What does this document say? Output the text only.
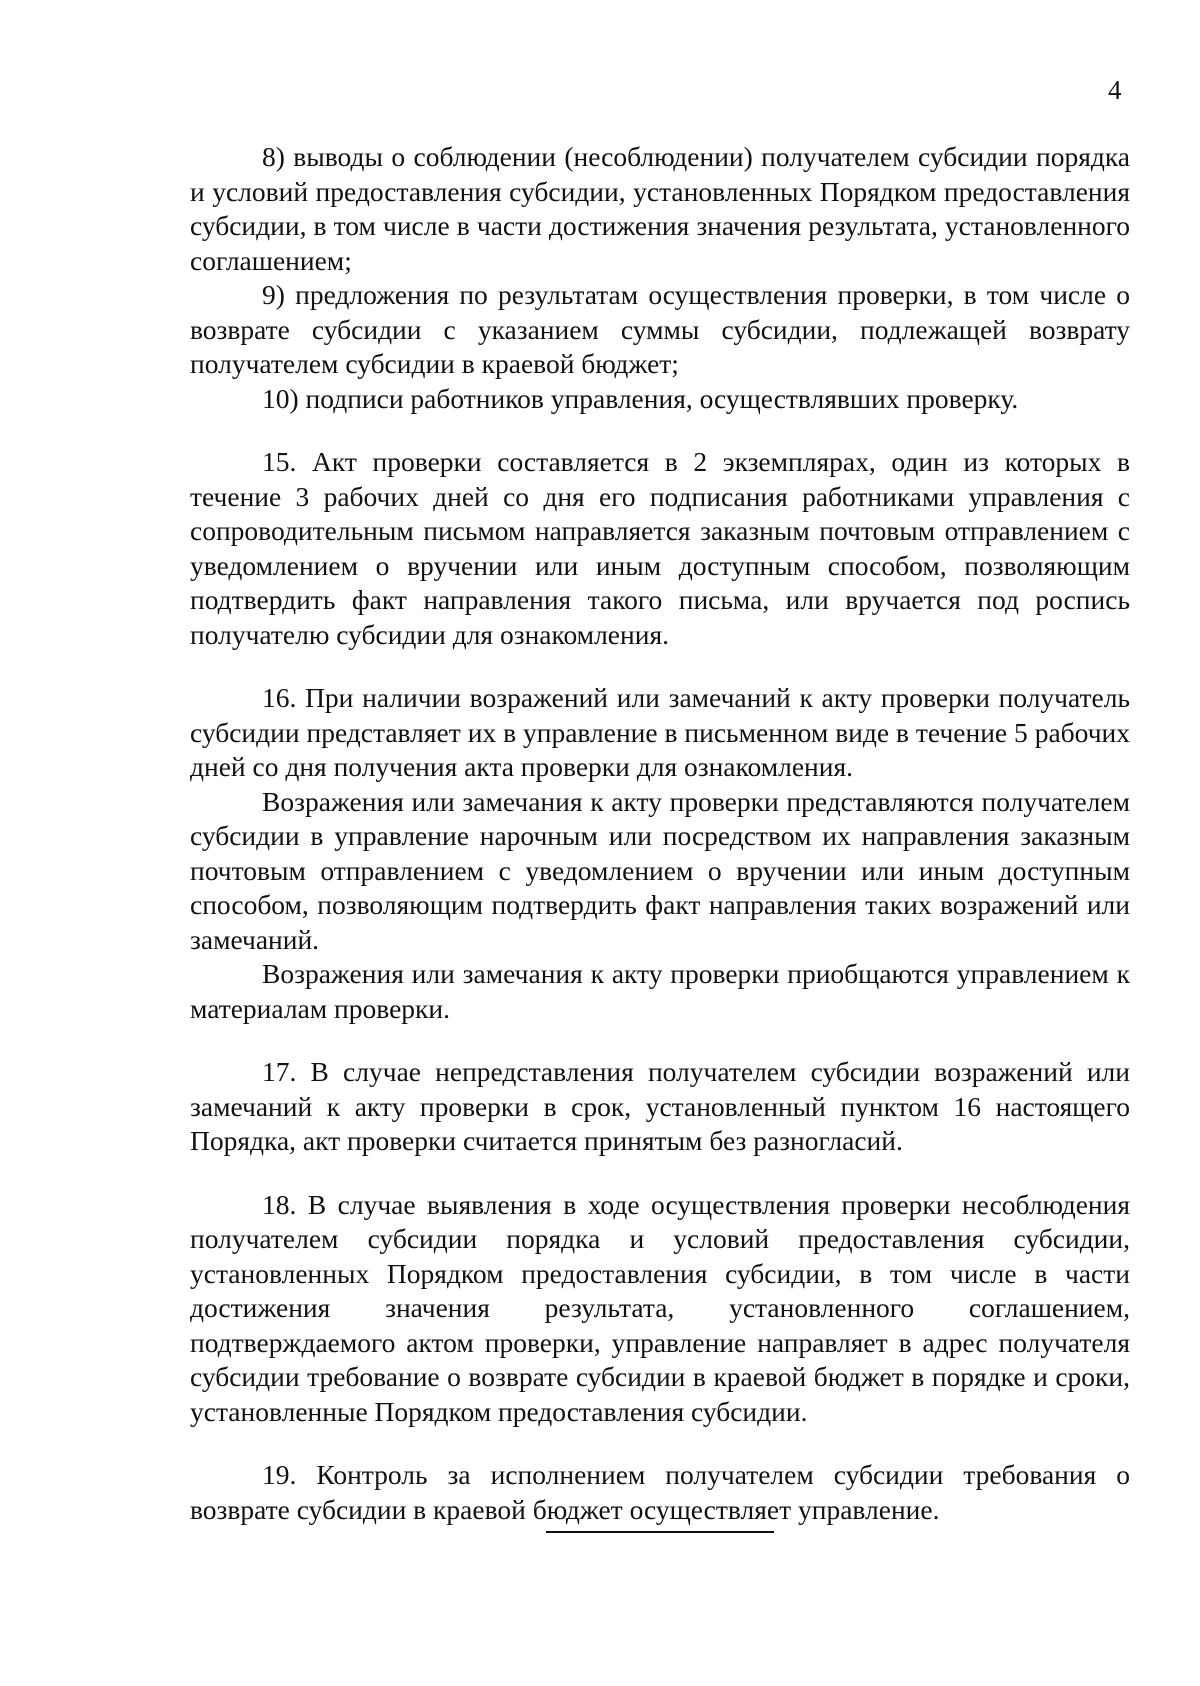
4

8) выводы о соблюдении (несоблюдении) получателем субсидии порядка и условий предоставления субсидии, установленных Порядком предоставления субсидии, в том числе в части достижения значения результата, установленного соглашением;

9) предложения по результатам осуществления проверки, в том числе о возврате субсидии с указанием суммы субсидии, подлежащей возврату получателем субсидии в краевой бюджет;

10) подписи работников управления, осуществлявших проверку.

15. Акт проверки составляется в 2 экземплярах, один из которых в течение 3 рабочих дней со дня его подписания работниками управления с сопроводительным письмом направляется заказным почтовым отправлением с уведомлением о вручении или иным доступным способом, позволяющим подтвердить факт направления такого письма, или вручается под роспись получателю субсидии для ознакомления.

16. При наличии возражений или замечаний к акту проверки получатель субсидии представляет их в управление в письменном виде в течение 5 рабочих дней со дня получения акта проверки для ознакомления.

Возражения или замечания к акту проверки представляются получателем субсидии в управление нарочным или посредством их направления заказным почтовым отправлением с уведомлением о вручении или иным доступным способом, позволяющим подтвердить факт направления таких возражений или замечаний.

Возражения или замечания к акту проверки приобщаются управлением к материалам проверки.

17. В случае непредставления получателем субсидии возражений или замечаний к акту проверки в срок, установленный пунктом 16 настоящего Порядка, акт проверки считается принятым без разногласий.

18. В случае выявления в ходе осуществления проверки несоблюдения получателем субсидии порядка и условий предоставления субсидии, установленных Порядком предоставления субсидии, в том числе в части достижения значения результата, установленного соглашением, подтверждаемого актом проверки, управление направляет в адрес получателя субсидии требование о возврате субсидии в краевой бюджет в порядке и сроки, установленные Порядком предоставления субсидии.

19. Контроль за исполнением получателем субсидии требования о возврате субсидии в краевой бюджет осуществляет управление.
